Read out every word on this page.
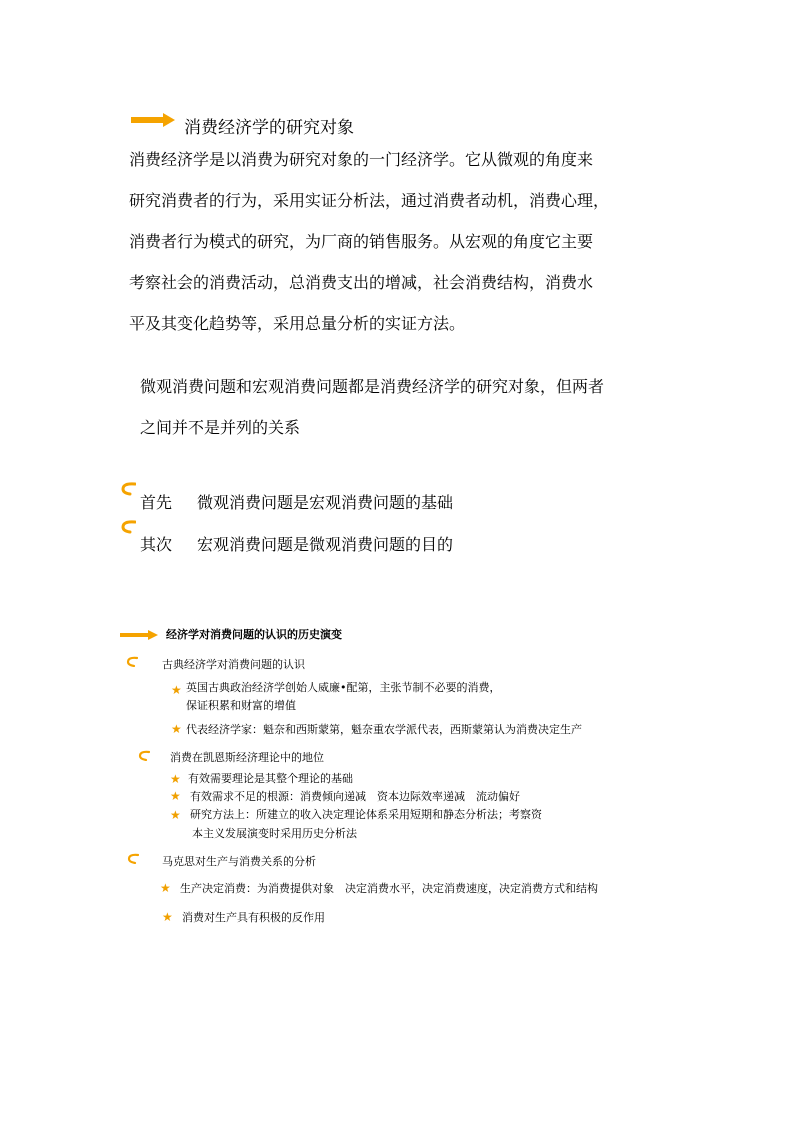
消费经济学的研究对象
消费经济学是以消费为研究对象的一门经济学。它从微观的角度来
研究消费者的行为，采用实证分析法，通过消费者动机，消费心理，
消费者行为模式的研究，为厂商的销售服务。从宏观的角度它主要
考察社会的消费活动，总消费支出的增减，社会消费结构，消费水
平及其变化趋势等，采用总量分析的实证方法。
微观消费问题和宏观消费问题都是消费经济学的研究对象，但两者
之间并不是并列的关系
首先 微观消费问题是宏观消费问题的基础
其次 宏观消费问题是微观消费问题的目的
经济学对消费问题的认识的历史演变
古典经济学对消费问题的认识
★ 英国古典政治经济学创始人威廉•配第，主张节制不必要的消费，
保证积累和财富的增值
★ 代表经济学家：魁奈和西斯蒙第，魁奈重农学派代表，西斯蒙第认为消费决定生产
消费在凯恩斯经济理论中的地位
★ 有效需要理论是其整个理论的基础
★ 有效需求不足的根源：消费倾向递减　资本边际效率递减　流动偏好
★ 研究方法上：所建立的收入决定理论体系采用短期和静态分析法；考察资
本主义发展演变时采用历史分析法
马克思对生产与消费关系的分析
★ 生产决定消费：为消费提供对象　决定消费水平，决定消费速度，决定消费方式和结构
★ 消费对生产具有积极的反作用
